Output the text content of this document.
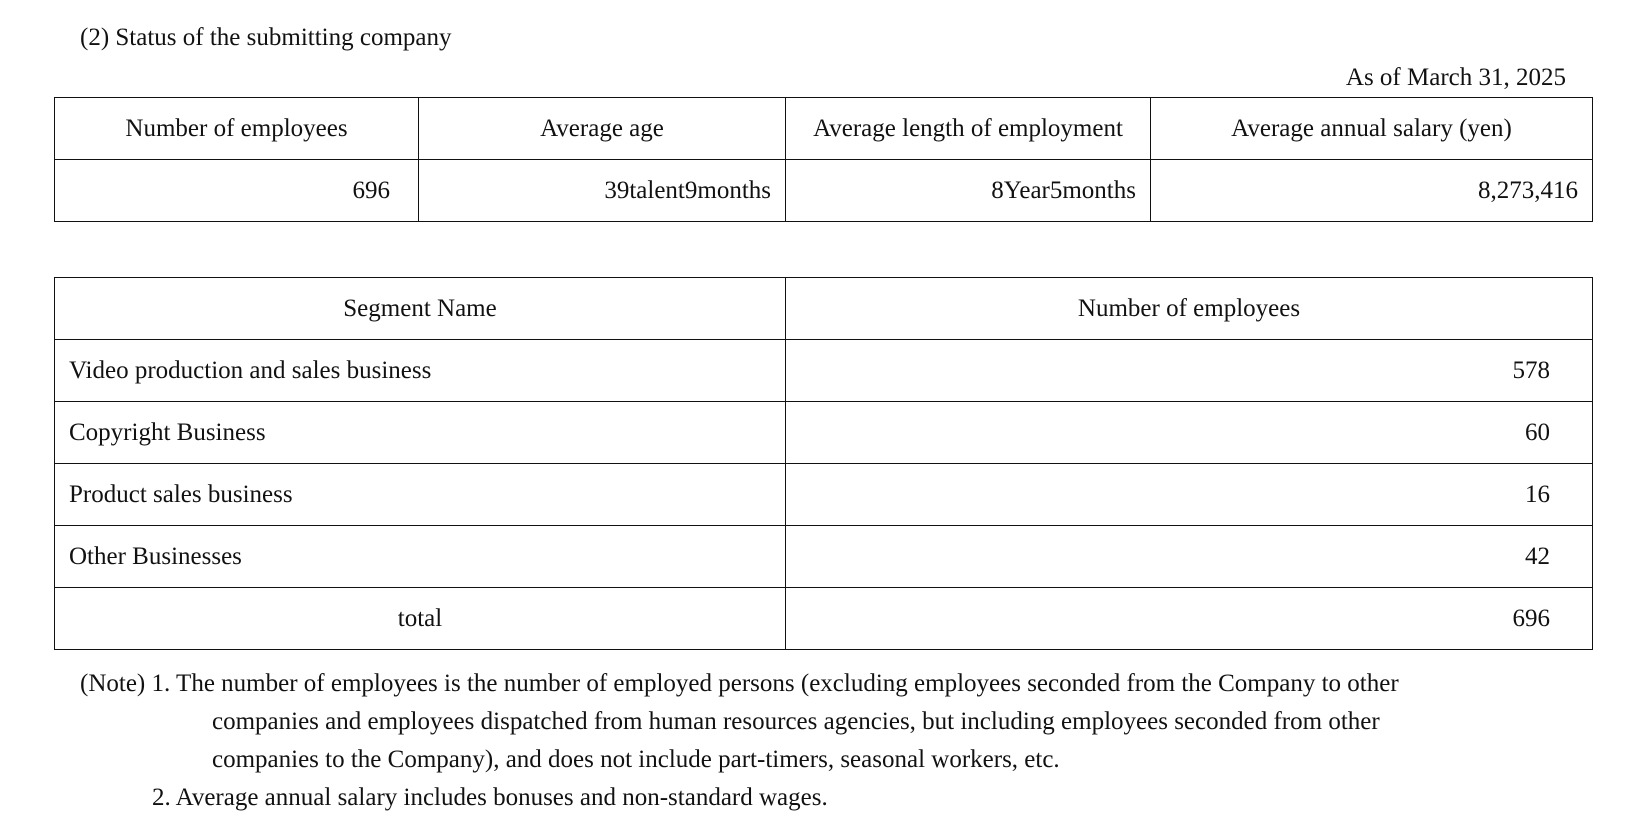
(2) Status of the submitting company
As of March 31, 2025
Number of employees	Average age	Average length of employment	Average annual salary (yen)
696	39talent9months	8Year5months	8,273,416
Segment Name	Number of employees
Video production and sales business	578
Copyright Business	60
Product sales business	16
Other Businesses	42
total	696
(Note) 1. The number of employees is the number of employed persons (excluding employees seconded from the Company to other
companies and employees dispatched from human resources agencies, but including employees seconded from other
companies to the Company), and does not include part-timers, seasonal workers, etc.
2. Average annual salary includes bonuses and non-standard wages.
